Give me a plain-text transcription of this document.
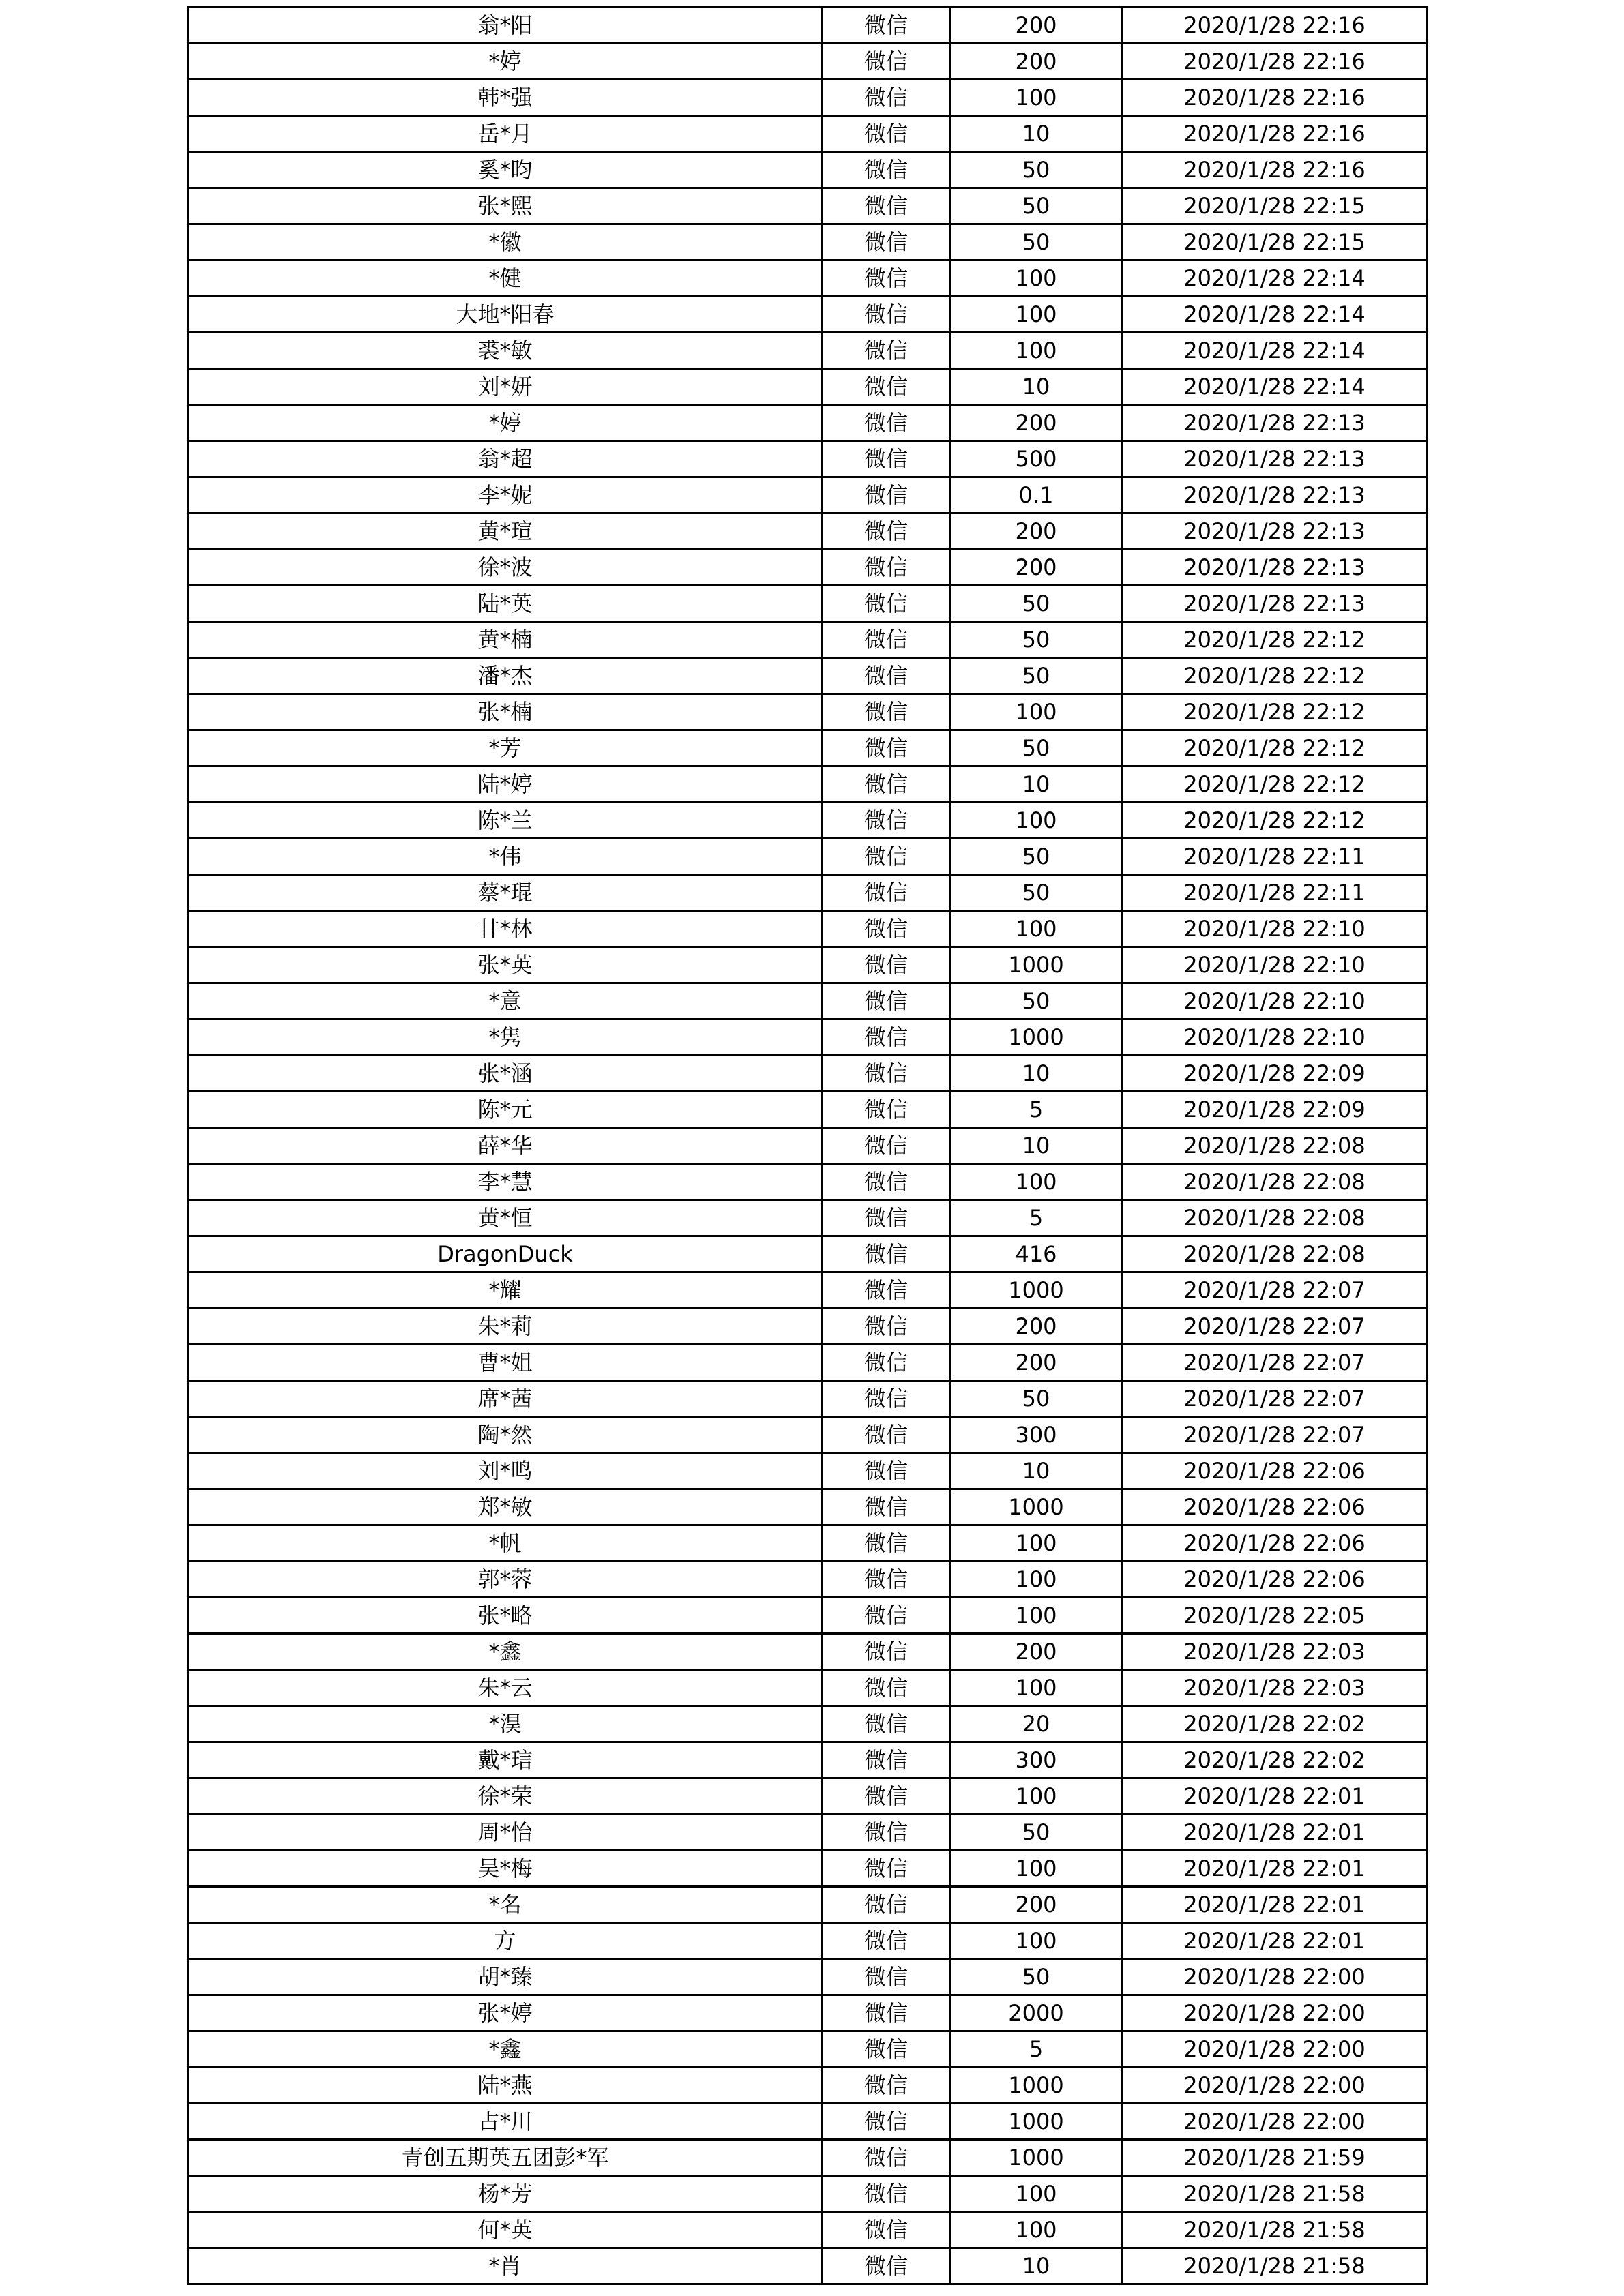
翁*阳	微信	200	2020/1/28 22:16
*婷	微信	200	2020/1/28 22:16
韩*强	微信	100	2020/1/28 22:16
岳*月	微信	10	2020/1/28 22:16
奚*昀	微信	50	2020/1/28 22:16
张*熙	微信	50	2020/1/28 22:15
*徽	微信	50	2020/1/28 22:15
*健	微信	100	2020/1/28 22:14
大地*阳春	微信	100	2020/1/28 22:14
裘*敏	微信	100	2020/1/28 22:14
刘*妍	微信	10	2020/1/28 22:14
*婷	微信	200	2020/1/28 22:13
翁*超	微信	500	2020/1/28 22:13
李*妮	微信	0.1	2020/1/28 22:13
黄*瑄	微信	200	2020/1/28 22:13
徐*波	微信	200	2020/1/28 22:13
陆*英	微信	50	2020/1/28 22:13
黄*楠	微信	50	2020/1/28 22:12
潘*杰	微信	50	2020/1/28 22:12
张*楠	微信	100	2020/1/28 22:12
*芳	微信	50	2020/1/28 22:12
陆*婷	微信	10	2020/1/28 22:12
陈*兰	微信	100	2020/1/28 22:12
*伟	微信	50	2020/1/28 22:11
蔡*琨	微信	50	2020/1/28 22:11
甘*林	微信	100	2020/1/28 22:10
张*英	微信	1000	2020/1/28 22:10
*意	微信	50	2020/1/28 22:10
*隽	微信	1000	2020/1/28 22:10
张*涵	微信	10	2020/1/28 22:09
陈*元	微信	5	2020/1/28 22:09
薛*华	微信	10	2020/1/28 22:08
李*慧	微信	100	2020/1/28 22:08
黄*恒	微信	5	2020/1/28 22:08
DragonDuck	微信	416	2020/1/28 22:08
*耀	微信	1000	2020/1/28 22:07
朱*莉	微信	200	2020/1/28 22:07
曹*姐	微信	200	2020/1/28 22:07
席*茜	微信	50	2020/1/28 22:07
陶*然	微信	300	2020/1/28 22:07
刘*鸣	微信	10	2020/1/28 22:06
郑*敏	微信	1000	2020/1/28 22:06
*帆	微信	100	2020/1/28 22:06
郭*蓉	微信	100	2020/1/28 22:06
张*略	微信	100	2020/1/28 22:05
*鑫	微信	200	2020/1/28 22:03
朱*云	微信	100	2020/1/28 22:03
*淏	微信	20	2020/1/28 22:02
戴*琂	微信	300	2020/1/28 22:02
徐*荣	微信	100	2020/1/28 22:01
周*怡	微信	50	2020/1/28 22:01
吴*梅	微信	100	2020/1/28 22:01
*名	微信	200	2020/1/28 22:01
方	微信	100	2020/1/28 22:01
胡*臻	微信	50	2020/1/28 22:00
张*婷	微信	2000	2020/1/28 22:00
*鑫	微信	5	2020/1/28 22:00
陆*燕	微信	1000	2020/1/28 22:00
占*川	微信	1000	2020/1/28 22:00
青创五期英五团彭*军	微信	1000	2020/1/28 21:59
杨*芳	微信	100	2020/1/28 21:58
何*英	微信	100	2020/1/28 21:58
*肖	微信	10	2020/1/28 21:58
